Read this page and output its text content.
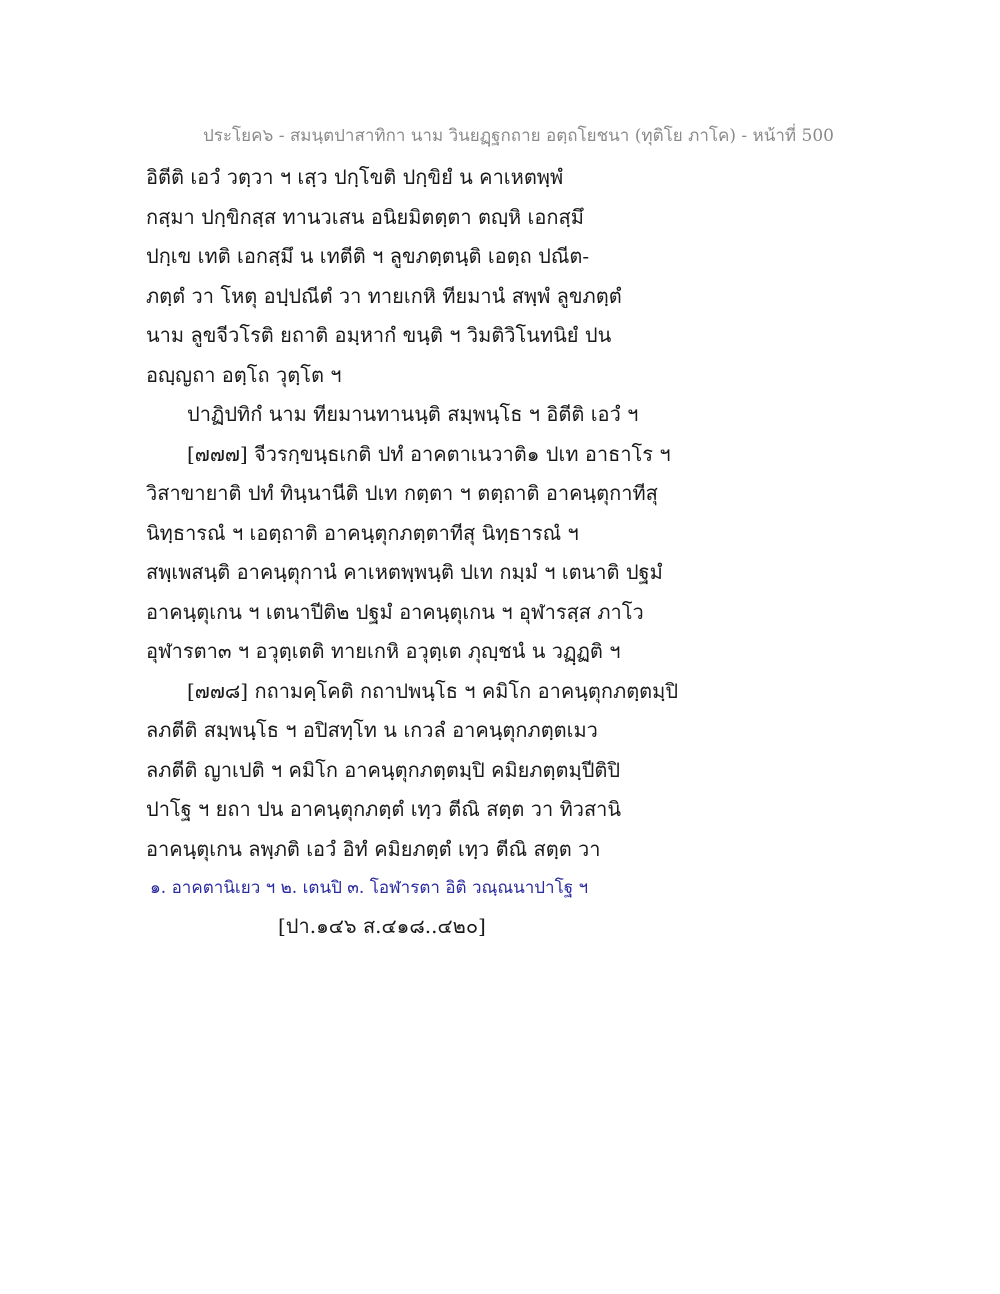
ประโยค๖ - สมนฺตปาสาทิกา นาม วินยฏฺฐกถาย อตฺถโยชนา (ทุติโย ภาโค) - หน้าที่ 500
อิตีติ เอวํ วตฺวา ฯ เสฺว ปกฺโขติ ปกฺขิยํ น คาเหตพฺพํ
กสฺมา ปกฺขิกสฺส ทานวเสน อนิยมิตตฺตา ตญฺหิ เอกสฺมึ
ปกฺเข เทติ เอกสฺมึ น เทตีติ ฯ ลูขภตฺตนฺติ เอตฺถ ปณีต-
ภตฺตํ วา โหตุ อปฺปณีตํ วา ทายเกหิ ทียมานํ สพฺพํ ลูขภตฺตํ
นาม ลูขจีวโรติ ยถาติ อมฺหากํ ขนฺติ ฯ วิมติวิโนทนิยํ ปน
อญฺญถา อตฺโถ วุตฺโต ฯ
ปาฏิปทิกํ นาม ทียมานทานนฺติ สมฺพนฺโธ ฯ อิตีติ เอวํ ฯ
[๗๗๗] จีวรกฺขนฺธเกติ ปทํ อาคตาเนวาติ๑ ปเท อาธาโร ฯ
วิสาขายาติ ปทํ ทินฺนานีติ ปเท กตฺตา ฯ ตตฺถาติ อาคนฺตุกาทีสุ
นิทฺธารณํ ฯ เอตฺถาติ อาคนฺตุกภตฺตาทีสุ นิทฺธารณํ ฯ
สพฺเพสนฺติ อาคนฺตุกานํ คาเหตพฺพนฺติ ปเท กมฺมํ ฯ เตนาติ ปฐมํ
อาคนฺตุเกน ฯ เตนาปีติ๒ ปฐมํ อาคนฺตุเกน ฯ อุฬารสฺส ภาโว
อุฬารตา๓ ฯ อวุตฺเตติ ทายเกหิ อวุตฺเต ภุญฺชนํ น วฏฺฏติ ฯ
[๗๗๘] กถามคฺโคติ กถาปพนฺโธ ฯ คมิโก อาคนฺตุกภตฺตมฺปิ
ลภตีติ สมฺพนฺโธ ฯ อปิสทฺโท น เกวลํ อาคนฺตุกภตฺตเมว
ลภตีติ ญาเปติ ฯ คมิโก อาคนฺตุกภตฺตมฺปิ คมิยภตฺตมฺปีติปิ
ปาโฐ ฯ ยถา ปน อาคนฺตุกภตฺตํ เทฺว ตีณิ สตฺต วา ทิวสานิ
อาคนฺตุเกน ลพฺภติ เอวํ อิทํ คมิยภตฺตํ เทฺว ตีณิ สตฺต วา
๑. อาคตานิเยว ฯ ๒. เตนปิ ๓. โอฬารตา อิติ วณฺณนาปาโฐ ฯ
[ปา.๑๔๖ ส.๔๑๘..๔๒๐]
